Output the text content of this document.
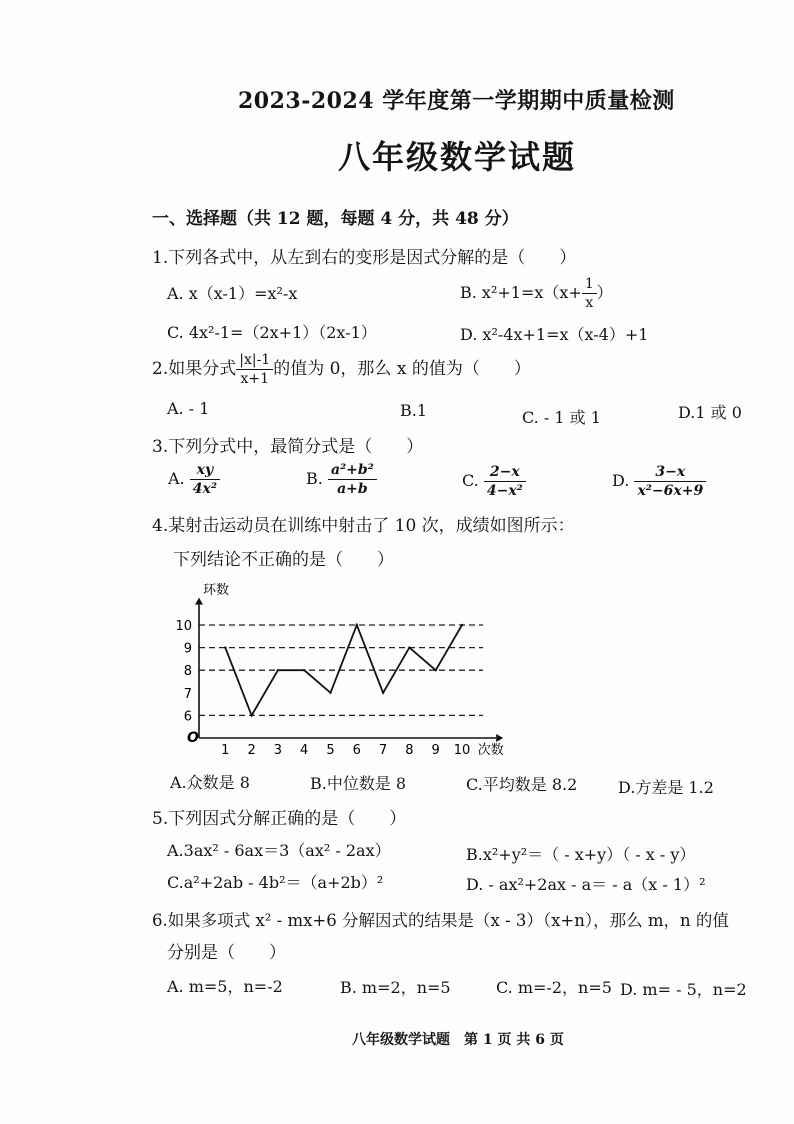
2023-2024 学年度第一学期期中质量检测
八年级数学试题
一、选择题（共 12 题，每题 4 分，共 48 分）
1.下列各式中，从左到右的变形是因式分解的是（　　）
A. x（x-1）=x²-x	B. $x^2+1=x(x+ \frac{1}{x}$ ）
C. 4x²-1=（2x+1）（2x-1）	D. x²-4x+1=x（x-4）+1
2.如果分式 $\frac{|x|-1}{x+1}$ 的值为 0，那么 x 的值为（　　）
A. - 1	B.1	C. - 1 或 1	D.1 或 0
3.下列分式中，最简分式是（　　）
A. $\frac{xy}{\text{4x²}}$	B. $\frac{\text{a²+b²}}{a+b}$	C. $\frac{2-x}{\text{4−x²}}$	D. $\frac{3-x}{\text{x²−6x+9}}$
4.某射击运动员在训练中射击了 10 次，成绩如图所示：
下列结论不正确的是（　　）
6
7
8
9
10
1 2 3 4 5 6 7 8 9 10
O
环数
次数
A.众数是 8	B.中位数是 8	C.平均数是 8.2	D.方差是 1.2
5.下列因式分解正确的是（　　）
A.3ax² - 6ax＝3（ax² - 2ax）	B.x²+y²＝（ - x+y）（ - x - y）
C.a²+2ab - 4b²＝（a+2b）²	D. - ax²+2ax - a＝ - a（x - 1）²
6.如果多项式 x² - mx+6 分解因式的结果是（x - 3）（x+n），那么 m，n 的值
分别是（　　）
A. m=5，n=-2	B. m=2，n=5	C. m=-2，n=5 D. m= - 5，n=2
八年级数学试题　第 1 页 共 6 页
